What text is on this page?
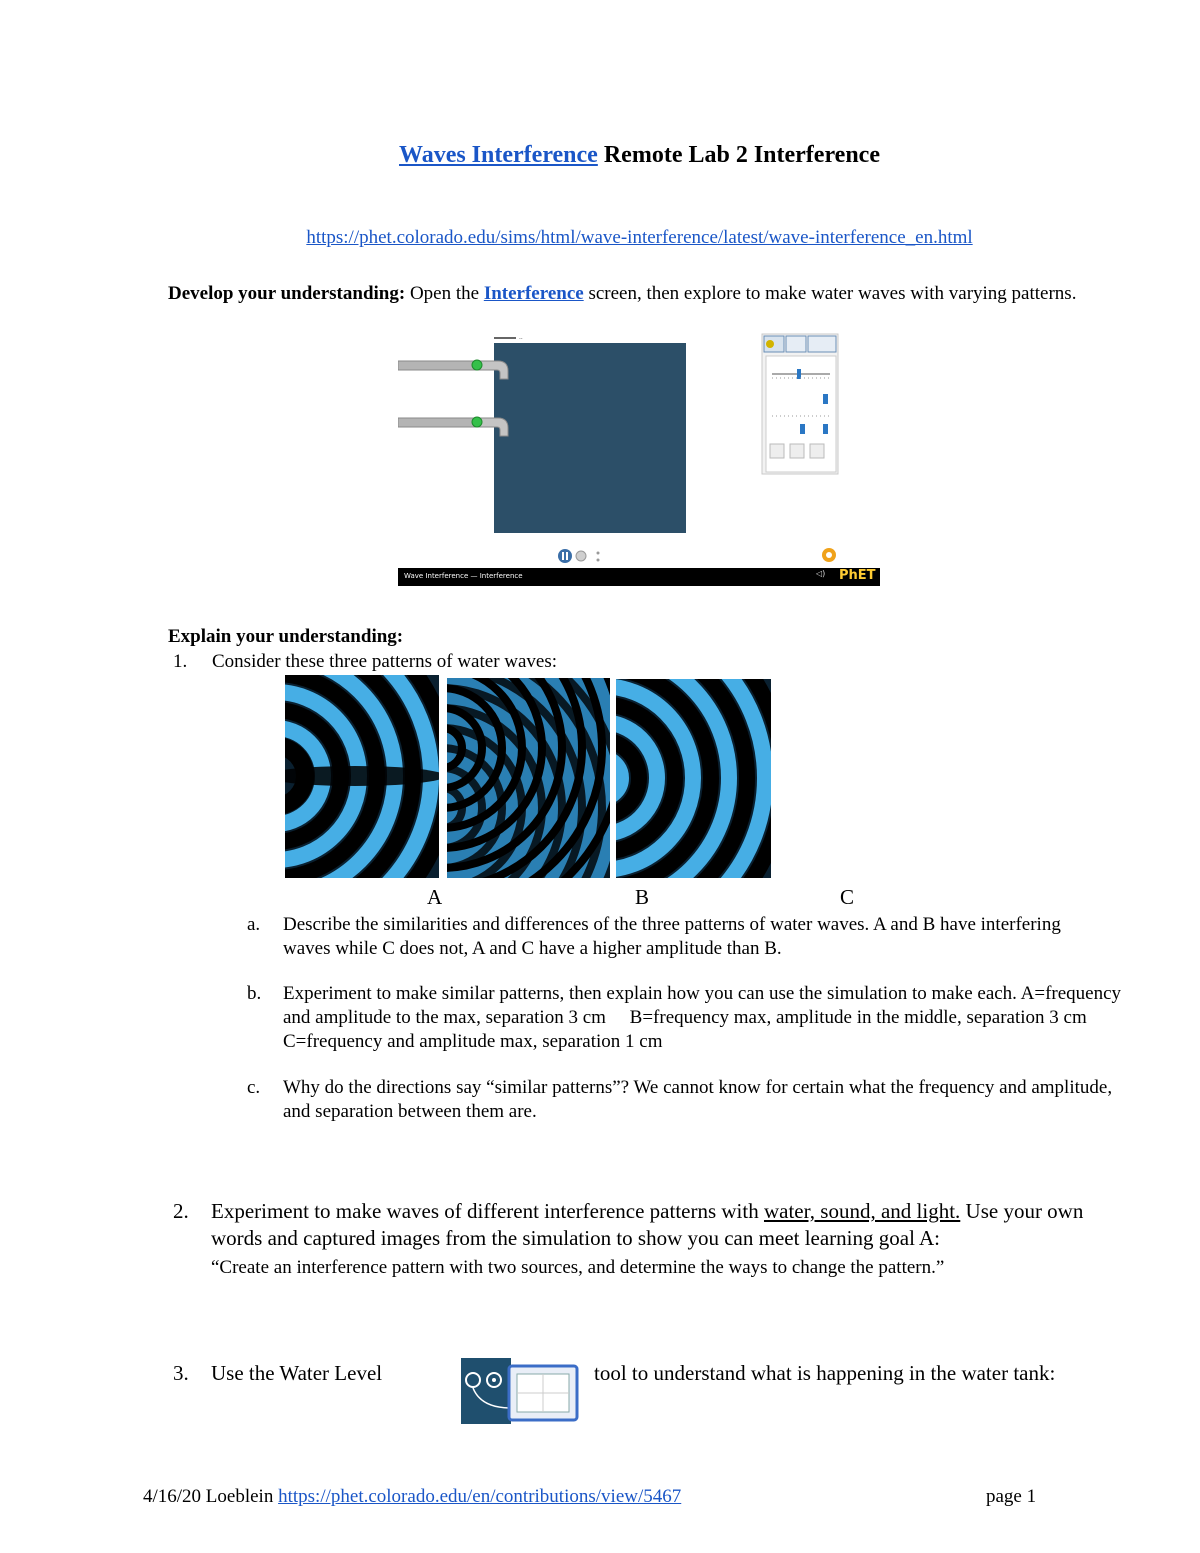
Waves Interference Remote Lab 2 Interference
https://phet.colorado.edu/sims/html/wave-interference/latest/wave-interference_en.html
Develop your understanding: Open the Interference screen, then explore to make water waves with varying patterns.
··
Wave Interference — Interference	◁) PhET
Explain your understanding:
1. Consider these three patterns of water waves:
A	B	C
a. Describe the similarities and differences of the three patterns of water waves. A and B have interfering waves while C does not, A and C have a higher amplitude than B.
b. Experiment to make similar patterns, then explain how you can use the simulation to make each. A=frequency and amplitude to the max, separation 3 cm     B=frequency max, amplitude in the middle, separation 3 cm     C=frequency and amplitude max, separation 1 cm
c. Why do the directions say “similar patterns”? We cannot know for certain what the frequency and amplitude, and separation between them are.
2. Experiment to make waves of different interference patterns with water, sound, and light. Use your own words and captured images from the simulation to show you can meet learning goal A:
“Create an interference pattern with two sources, and determine the ways to change the pattern.”
3. Use the Water Level	tool to understand what is happening in the water tank:
4/16/20 Loeblein https://phet.colorado.edu/en/contributions/view/5467	page 1
